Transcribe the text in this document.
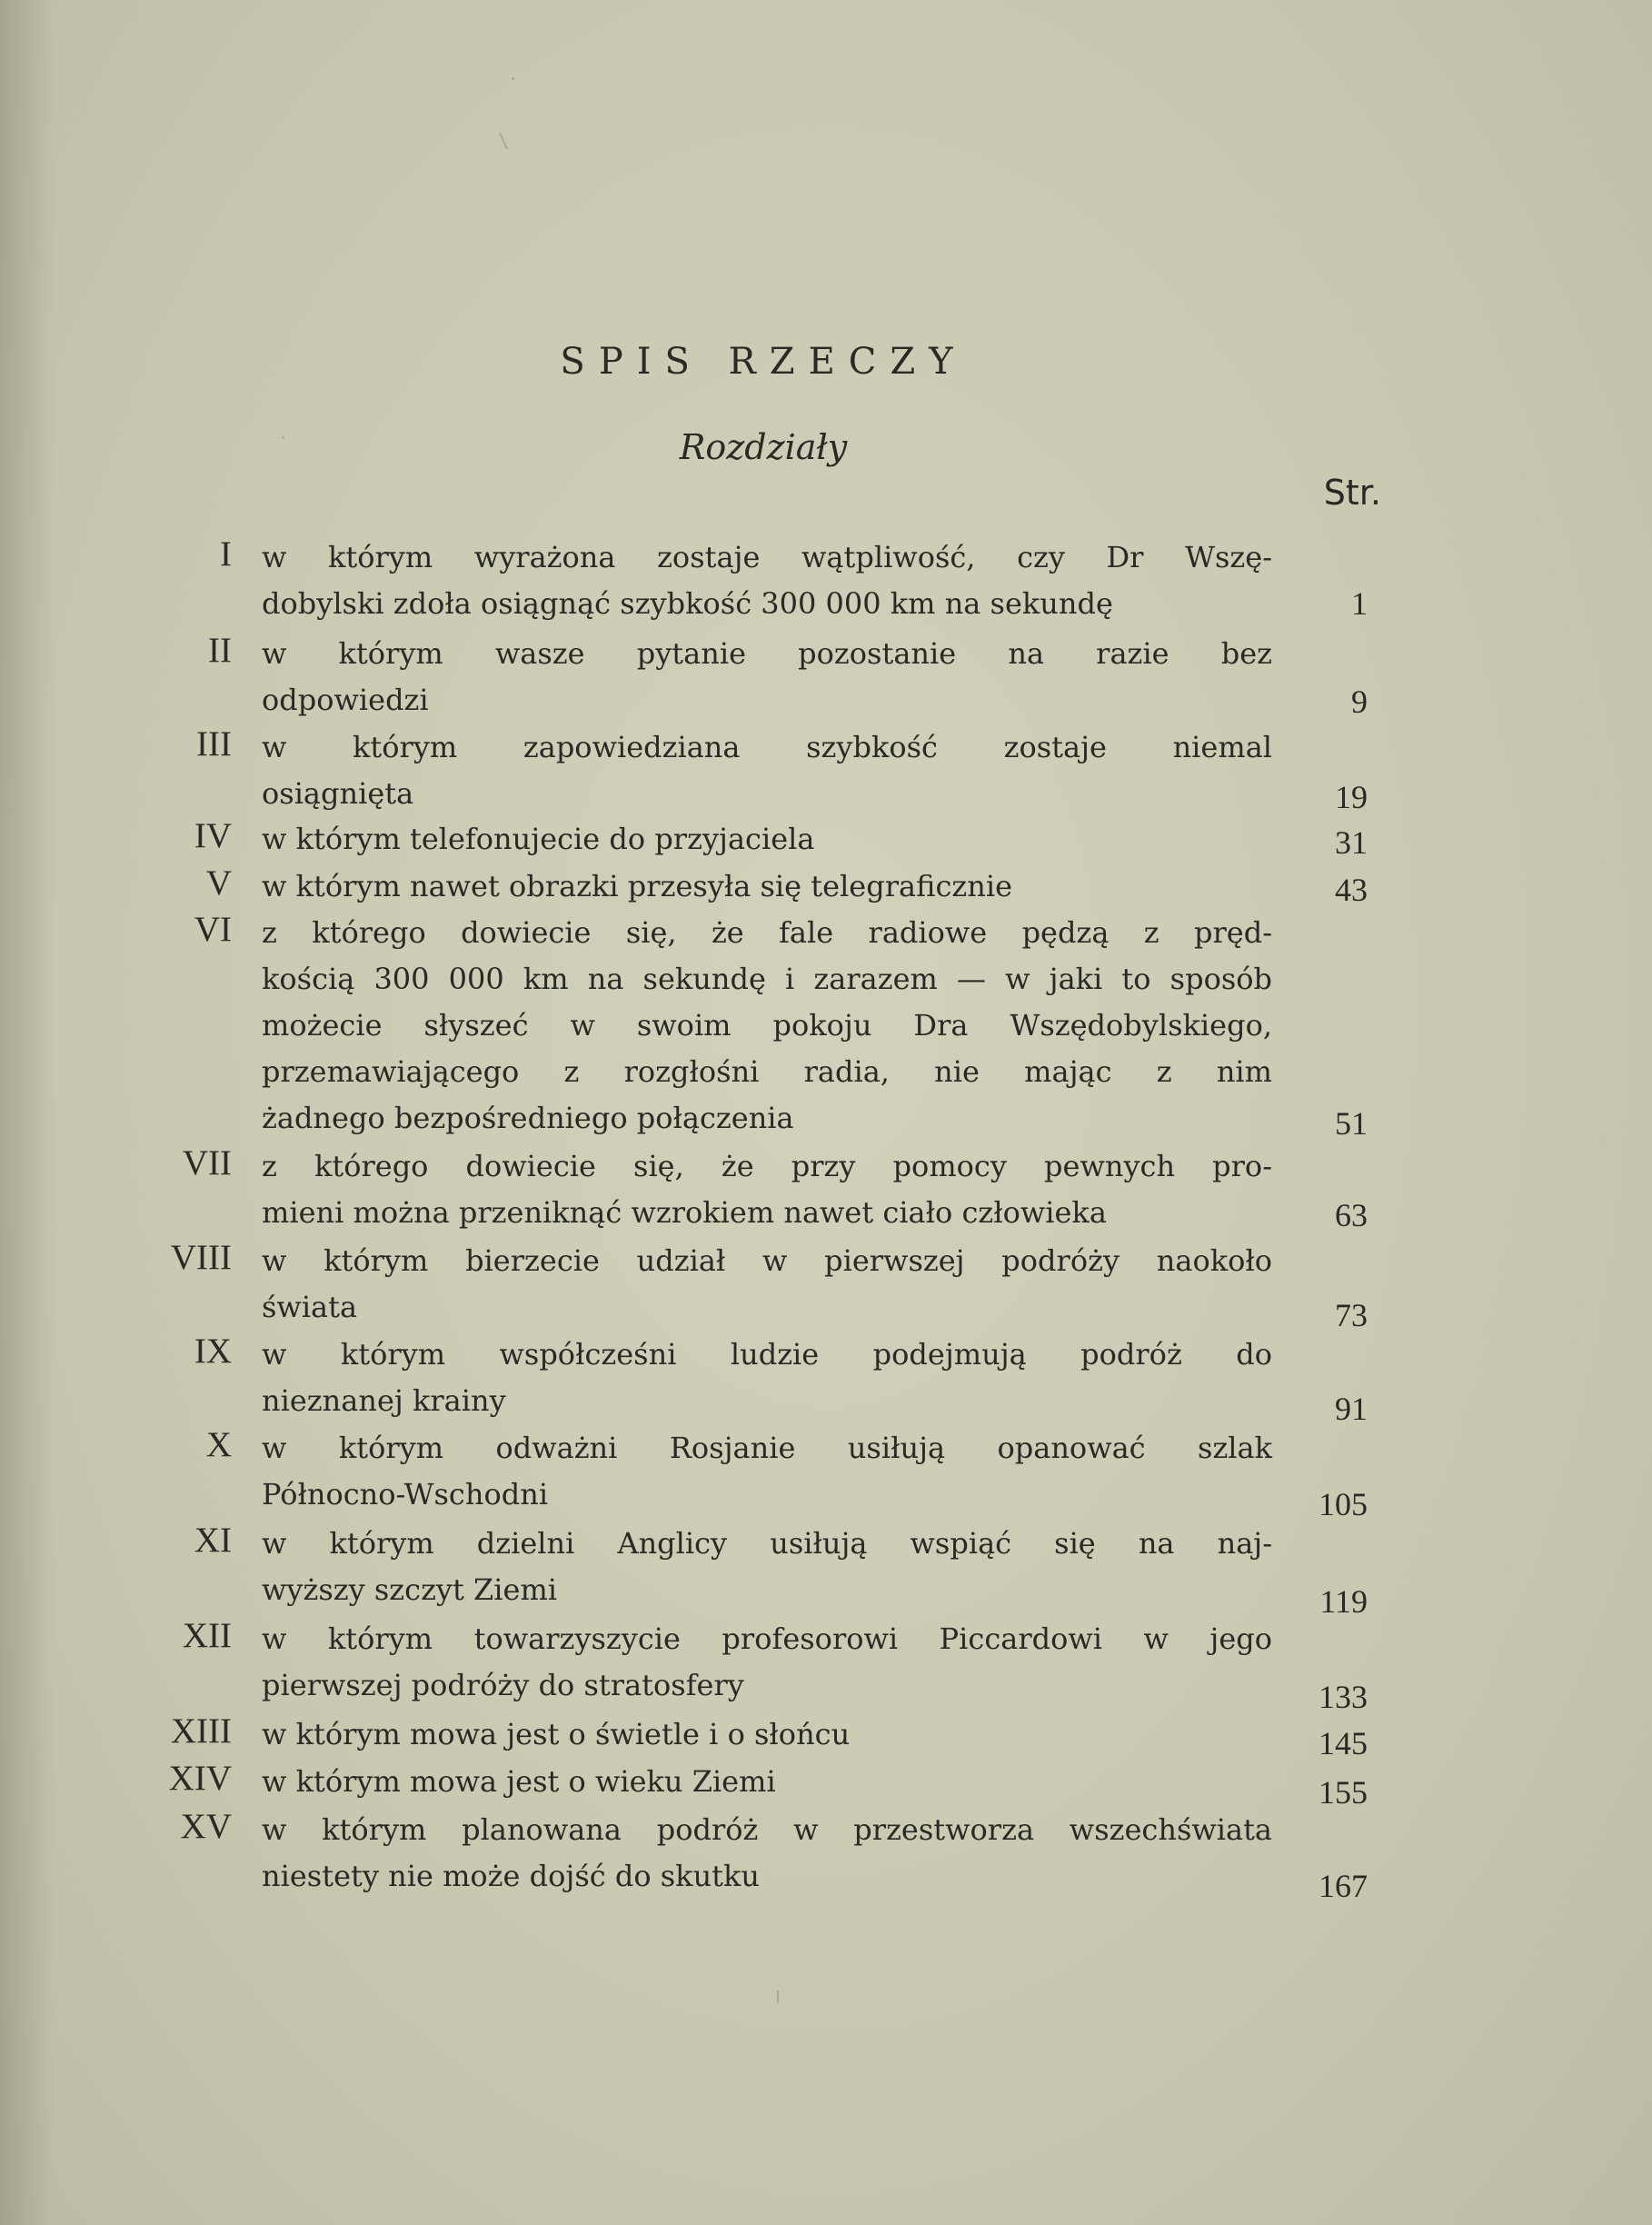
SPIS RZECZY
Rozdziały
Str.
I w którym wyrażona zostaje wątpliwość, czy Dr Wszę-
dobylski zdoła osiągnąć szybkość 300 000 km na sekundę	1
II w którym wasze pytanie pozostanie na razie bez
odpowiedzi	9
III w którym zapowiedziana szybkość zostaje niemal
osiągnięta	19
IV w którym telefonujecie do przyjaciela	31
V w którym nawet obrazki przesyła się telegraficznie	43
VI z którego dowiecie się, że fale radiowe pędzą z pręd-
kością 300 000 km na sekundę i zarazem — w jaki to sposób
możecie słyszeć w swoim pokoju Dra Wszędobylskiego,
przemawiającego z rozgłośni radia, nie mając z nim
żadnego bezpośredniego połączenia	51
VII z którego dowiecie się, że przy pomocy pewnych pro-
mieni można przeniknąć wzrokiem nawet ciało człowieka	63
VIII w którym bierzecie udział w pierwszej podróży naokoło
świata	73
IX w którym współcześni ludzie podejmują podróż do
nieznanej krainy	91
X w którym odważni Rosjanie usiłują opanować szlak
Północno-Wschodni	105
XI w którym dzielni Anglicy usiłują wspiąć się na naj-
wyższy szczyt Ziemi	119
XII w którym towarzyszycie profesorowi Piccardowi w jego
pierwszej podróży do stratosfery	133
XIII w którym mowa jest o świetle i o słońcu	145
XIV w którym mowa jest o wieku Ziemi	155
XV w którym planowana podróż w przestworza wszechświata
niestety nie może dojść do skutku	167
